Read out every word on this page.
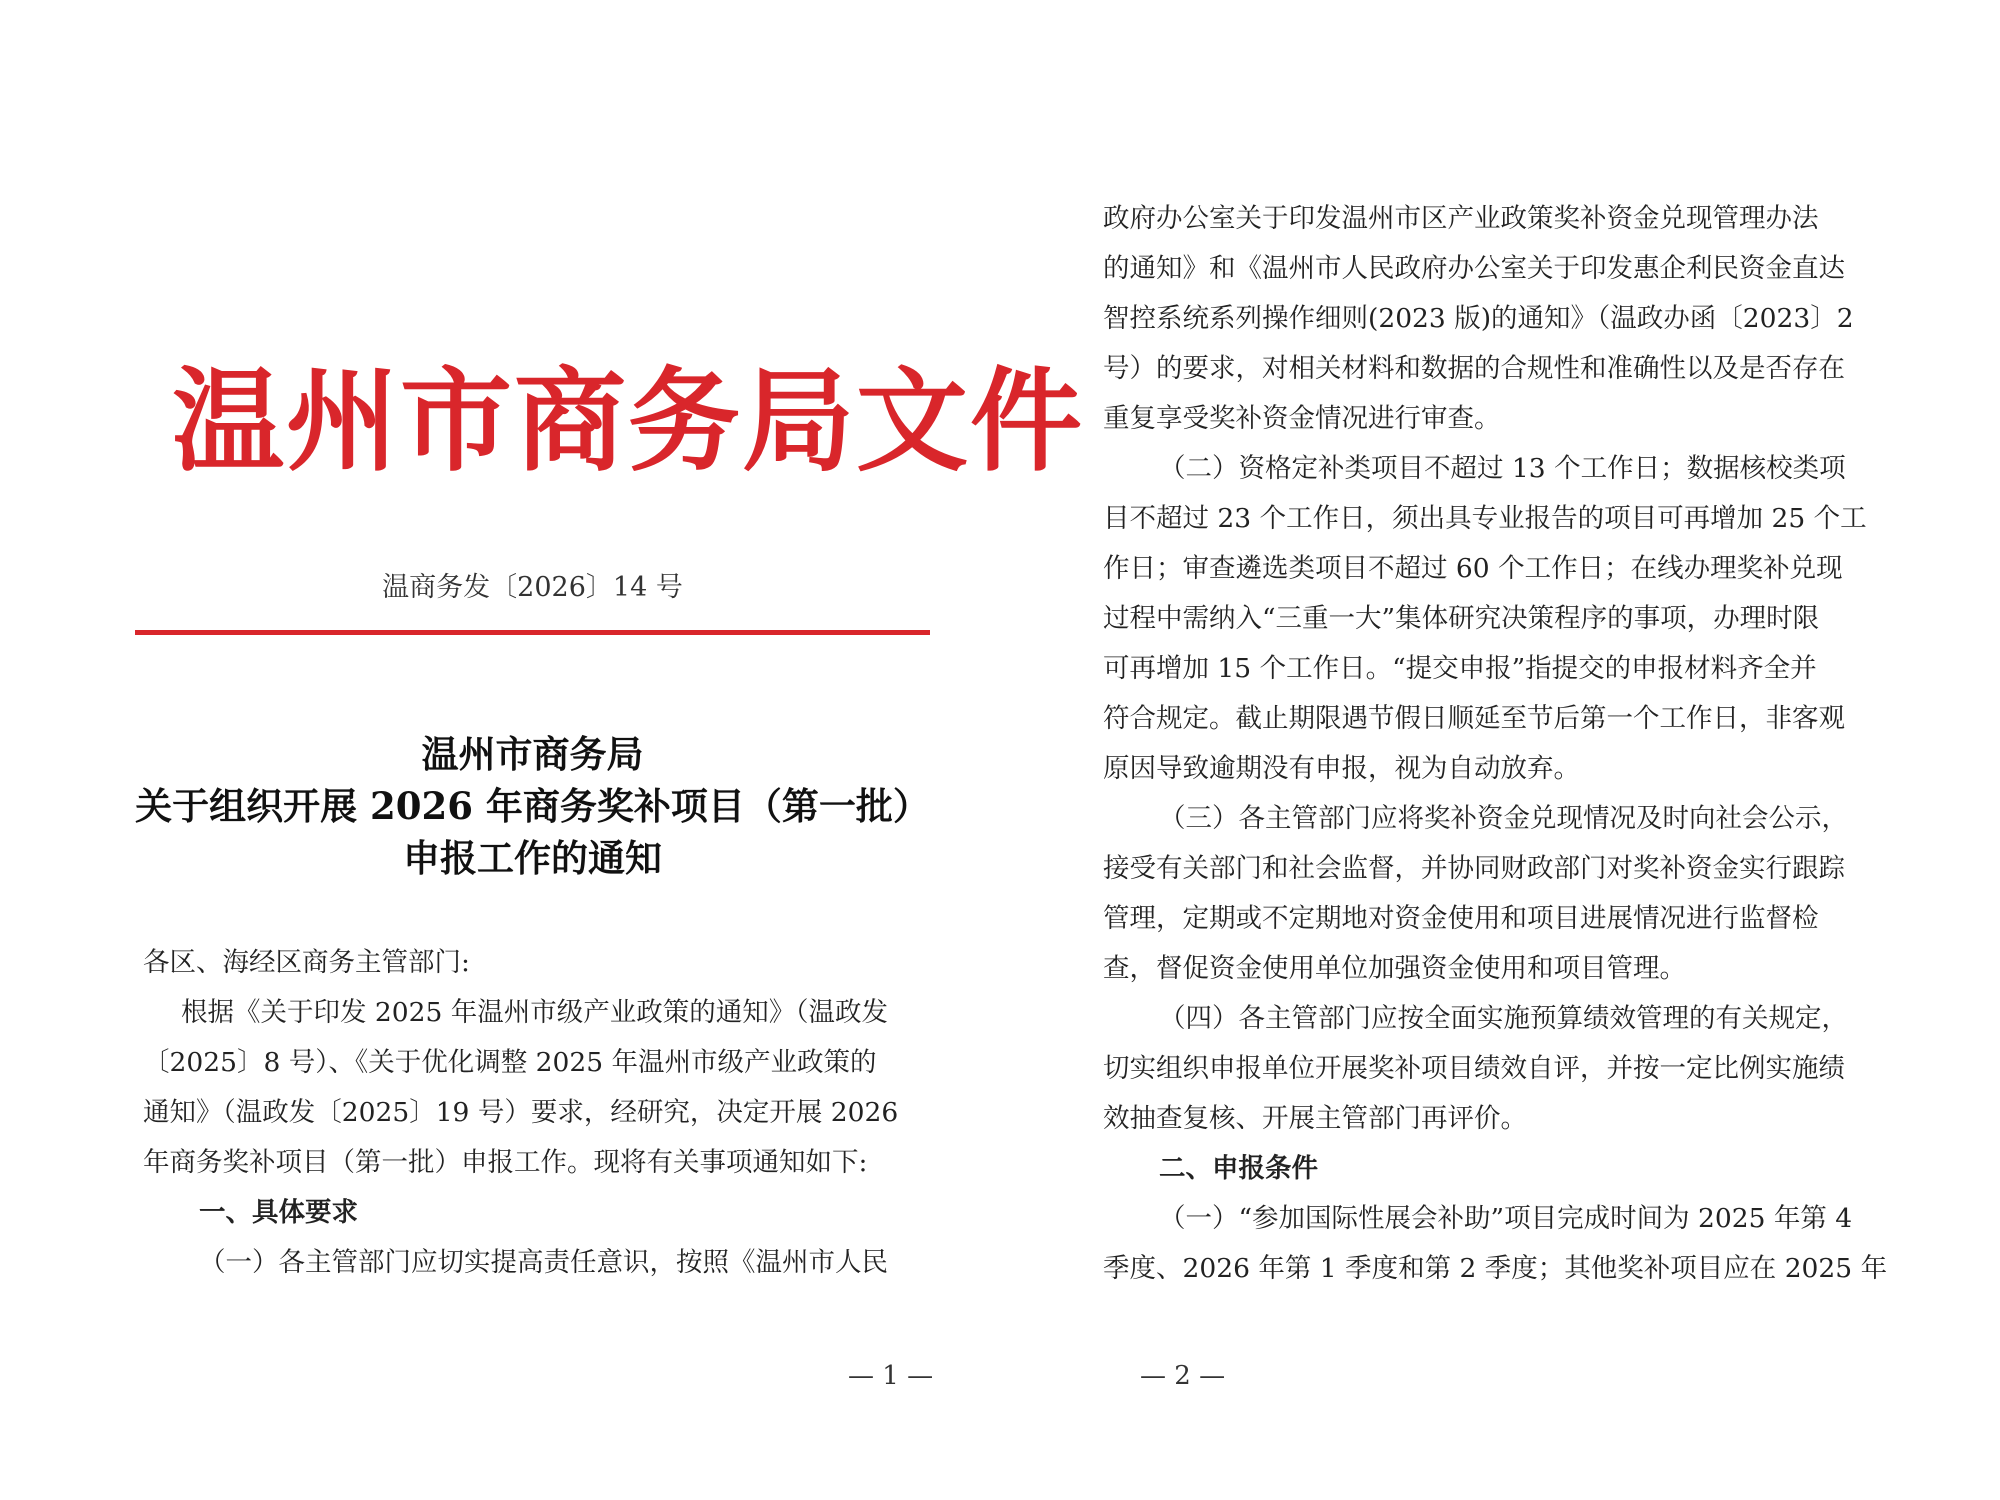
温州市商务局文件
温商务发〔2026〕14 号
温州市商务局
关于组织开展 2026 年商务奖补项目（第一批）
申报工作的通知
各区、海经区商务主管部门:
根据《关于印发 2025 年温州市级产业政策的通知》（温政发
〔2025〕8 号）、《关于优化调整 2025 年温州市级产业政策的
通知》（温政发〔2025〕19 号）要求，经研究，决定开展 2026
年商务奖补项目（第一批）申报工作。现将有关事项通知如下:
一、具体要求
（一）各主管部门应切实提高责任意识，按照《温州市人民
— 1 —
政府办公室关于印发温州市区产业政策奖补资金兑现管理办法
的通知》和《温州市人民政府办公室关于印发惠企利民资金直达
智控系统系列操作细则(2023 版)的通知》（温政办函〔2023〕2
号）的要求，对相关材料和数据的合规性和准确性以及是否存在
重复享受奖补资金情况进行审查。
（二）资格定补类项目不超过 13 个工作日；数据核校类项
目不超过 23 个工作日，须出具专业报告的项目可再增加 25 个工
作日；审查遴选类项目不超过 60 个工作日；在线办理奖补兑现
过程中需纳入“三重一大”集体研究决策程序的事项，办理时限
可再增加 15 个工作日。“提交申报”指提交的申报材料齐全并
符合规定。截止期限遇节假日顺延至节后第一个工作日，非客观
原因导致逾期没有申报，视为自动放弃。
（三）各主管部门应将奖补资金兑现情况及时向社会公示，
接受有关部门和社会监督，并协同财政部门对奖补资金实行跟踪
管理，定期或不定期地对资金使用和项目进展情况进行监督检
查，督促资金使用单位加强资金使用和项目管理。
（四）各主管部门应按全面实施预算绩效管理的有关规定，
切实组织申报单位开展奖补项目绩效自评，并按一定比例实施绩
效抽查复核、开展主管部门再评价。
二、申报条件
（一）“参加国际性展会补助”项目完成时间为 2025 年第 4
季度、2026 年第 1 季度和第 2 季度；其他奖补项目应在 2025 年
— 2 —
